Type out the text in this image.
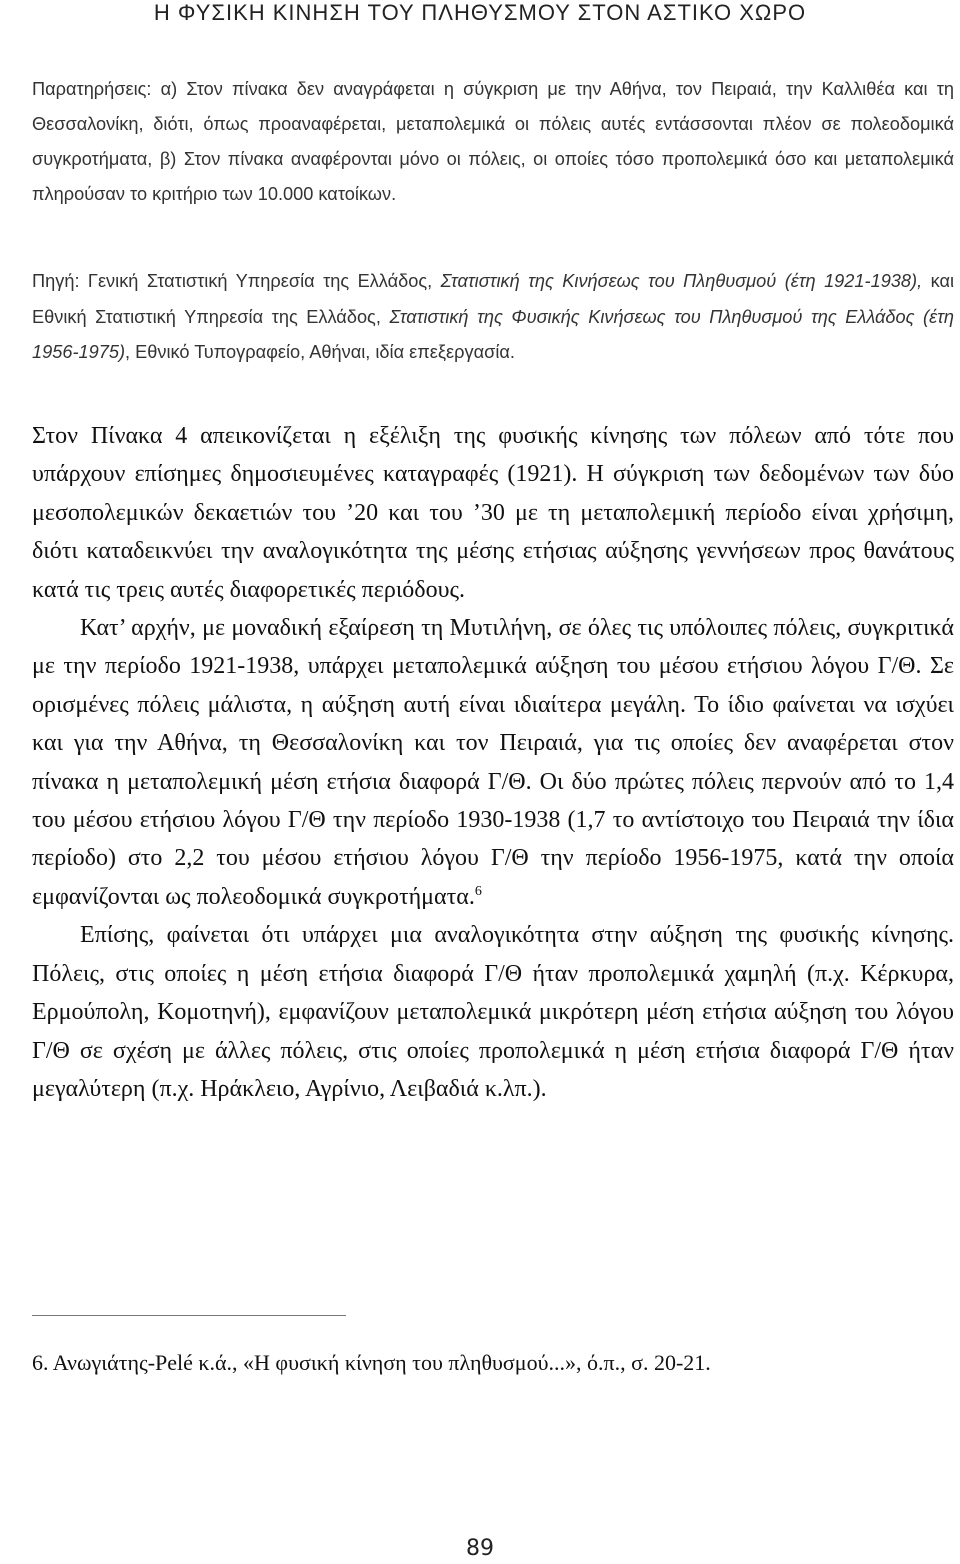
Η ΦΥΣΙΚΗ ΚΙΝΗΣΗ ΤΟΥ ΠΛΗΘΥΣΜΟΥ ΣΤΟΝ ΑΣΤΙΚΟ ΧΩΡΟ

Παρατηρήσεις: α) Στον πίνακα δεν αναγράφεται η σύγκριση με την Αθήνα, τον Πειραιά, την Καλλιθέα και τη Θεσσαλονίκη, διότι, όπως προαναφέρεται, μεταπολεμικά οι πόλεις αυτές εντάσσονται πλέον σε πολεοδομικά συγκροτήματα, β) Στον πίνακα αναφέρονται μόνο οι πόλεις, οι οποίες τόσο προπολεμικά όσο και μεταπολεμικά πληρούσαν το κριτήριο των 10.000 κατοίκων.

Πηγή: Γενική Στατιστική Υπηρεσία της Ελλάδος, Στατιστική της Κινήσεως του Πληθυσμού (έτη 1921-1938), και Εθνική Στατιστική Υπηρεσία της Ελλάδος, Στατιστική της Φυσικής Κινήσεως του Πληθυσμού της Ελλάδος (έτη 1956-1975), Εθνικό Τυπογραφείο, Αθήναι, ιδία επεξεργασία.

Στον Πίνακα 4 απεικονίζεται η εξέλιξη της φυσικής κίνησης των πόλεων από τότε που υπάρχουν επίσημες δημοσιευμένες καταγραφές (1921). Η σύγκριση των δεδομένων των δύο μεσοπολεμικών δεκαετιών του ’20 και του ’30 με τη μεταπολεμική περίοδο είναι χρήσιμη, διότι καταδεικνύει την αναλογικότητα της μέσης ετήσιας αύξησης γεννήσεων προς θανάτους κατά τις τρεις αυτές διαφορετικές περιόδους.

Κατ’ αρχήν, με μοναδική εξαίρεση τη Μυτιλήνη, σε όλες τις υπόλοιπες πόλεις, συγκριτικά με την περίοδο 1921-1938, υπάρχει μεταπολεμικά αύξηση του μέσου ετήσιου λόγου Γ/Θ. Σε ορισμένες πόλεις μάλιστα, η αύξηση αυτή είναι ιδιαίτερα μεγάλη. Το ίδιο φαίνεται να ισχύει και για την Αθήνα, τη Θεσσαλονίκη και τον Πειραιά, για τις οποίες δεν αναφέρεται στον πίνακα η μεταπολεμική μέση ετήσια διαφορά Γ/Θ. Οι δύο πρώτες πόλεις περνούν από το 1,4 του μέσου ετήσιου λόγου Γ/Θ την περίοδο 1930-1938 (1,7 το αντίστοιχο του Πειραιά την ίδια περίοδο) στο 2,2 του μέσου ετήσιου λόγου Γ/Θ την περίοδο 1956-1975, κατά την οποία εμφανίζονται ως πολεοδομικά συγκροτήματα.$^6$

Επίσης, φαίνεται ότι υπάρχει μια αναλογικότητα στην αύξηση της φυσικής κίνησης. Πόλεις, στις οποίες η μέση ετήσια διαφορά Γ/Θ ήταν προπολεμικά χαμηλή (π.χ. Κέρκυρα, Ερμούπολη, Κομοτηνή), εμφανίζουν μεταπολεμικά μικρότερη μέση ετήσια αύξηση του λόγου Γ/Θ σε σχέση με άλλες πόλεις, στις οποίες προπολεμικά η μέση ετήσια διαφορά Γ/Θ ήταν μεγαλύτερη (π.χ. Ηράκλειο, Αγρίνιο, Λειβαδιά κ.λπ.).

6. Ανωγιάτης-Pelé κ.ά., «Η φυσική κίνηση του πληθυσμού...», ό.π., σ. 20-21.

89
